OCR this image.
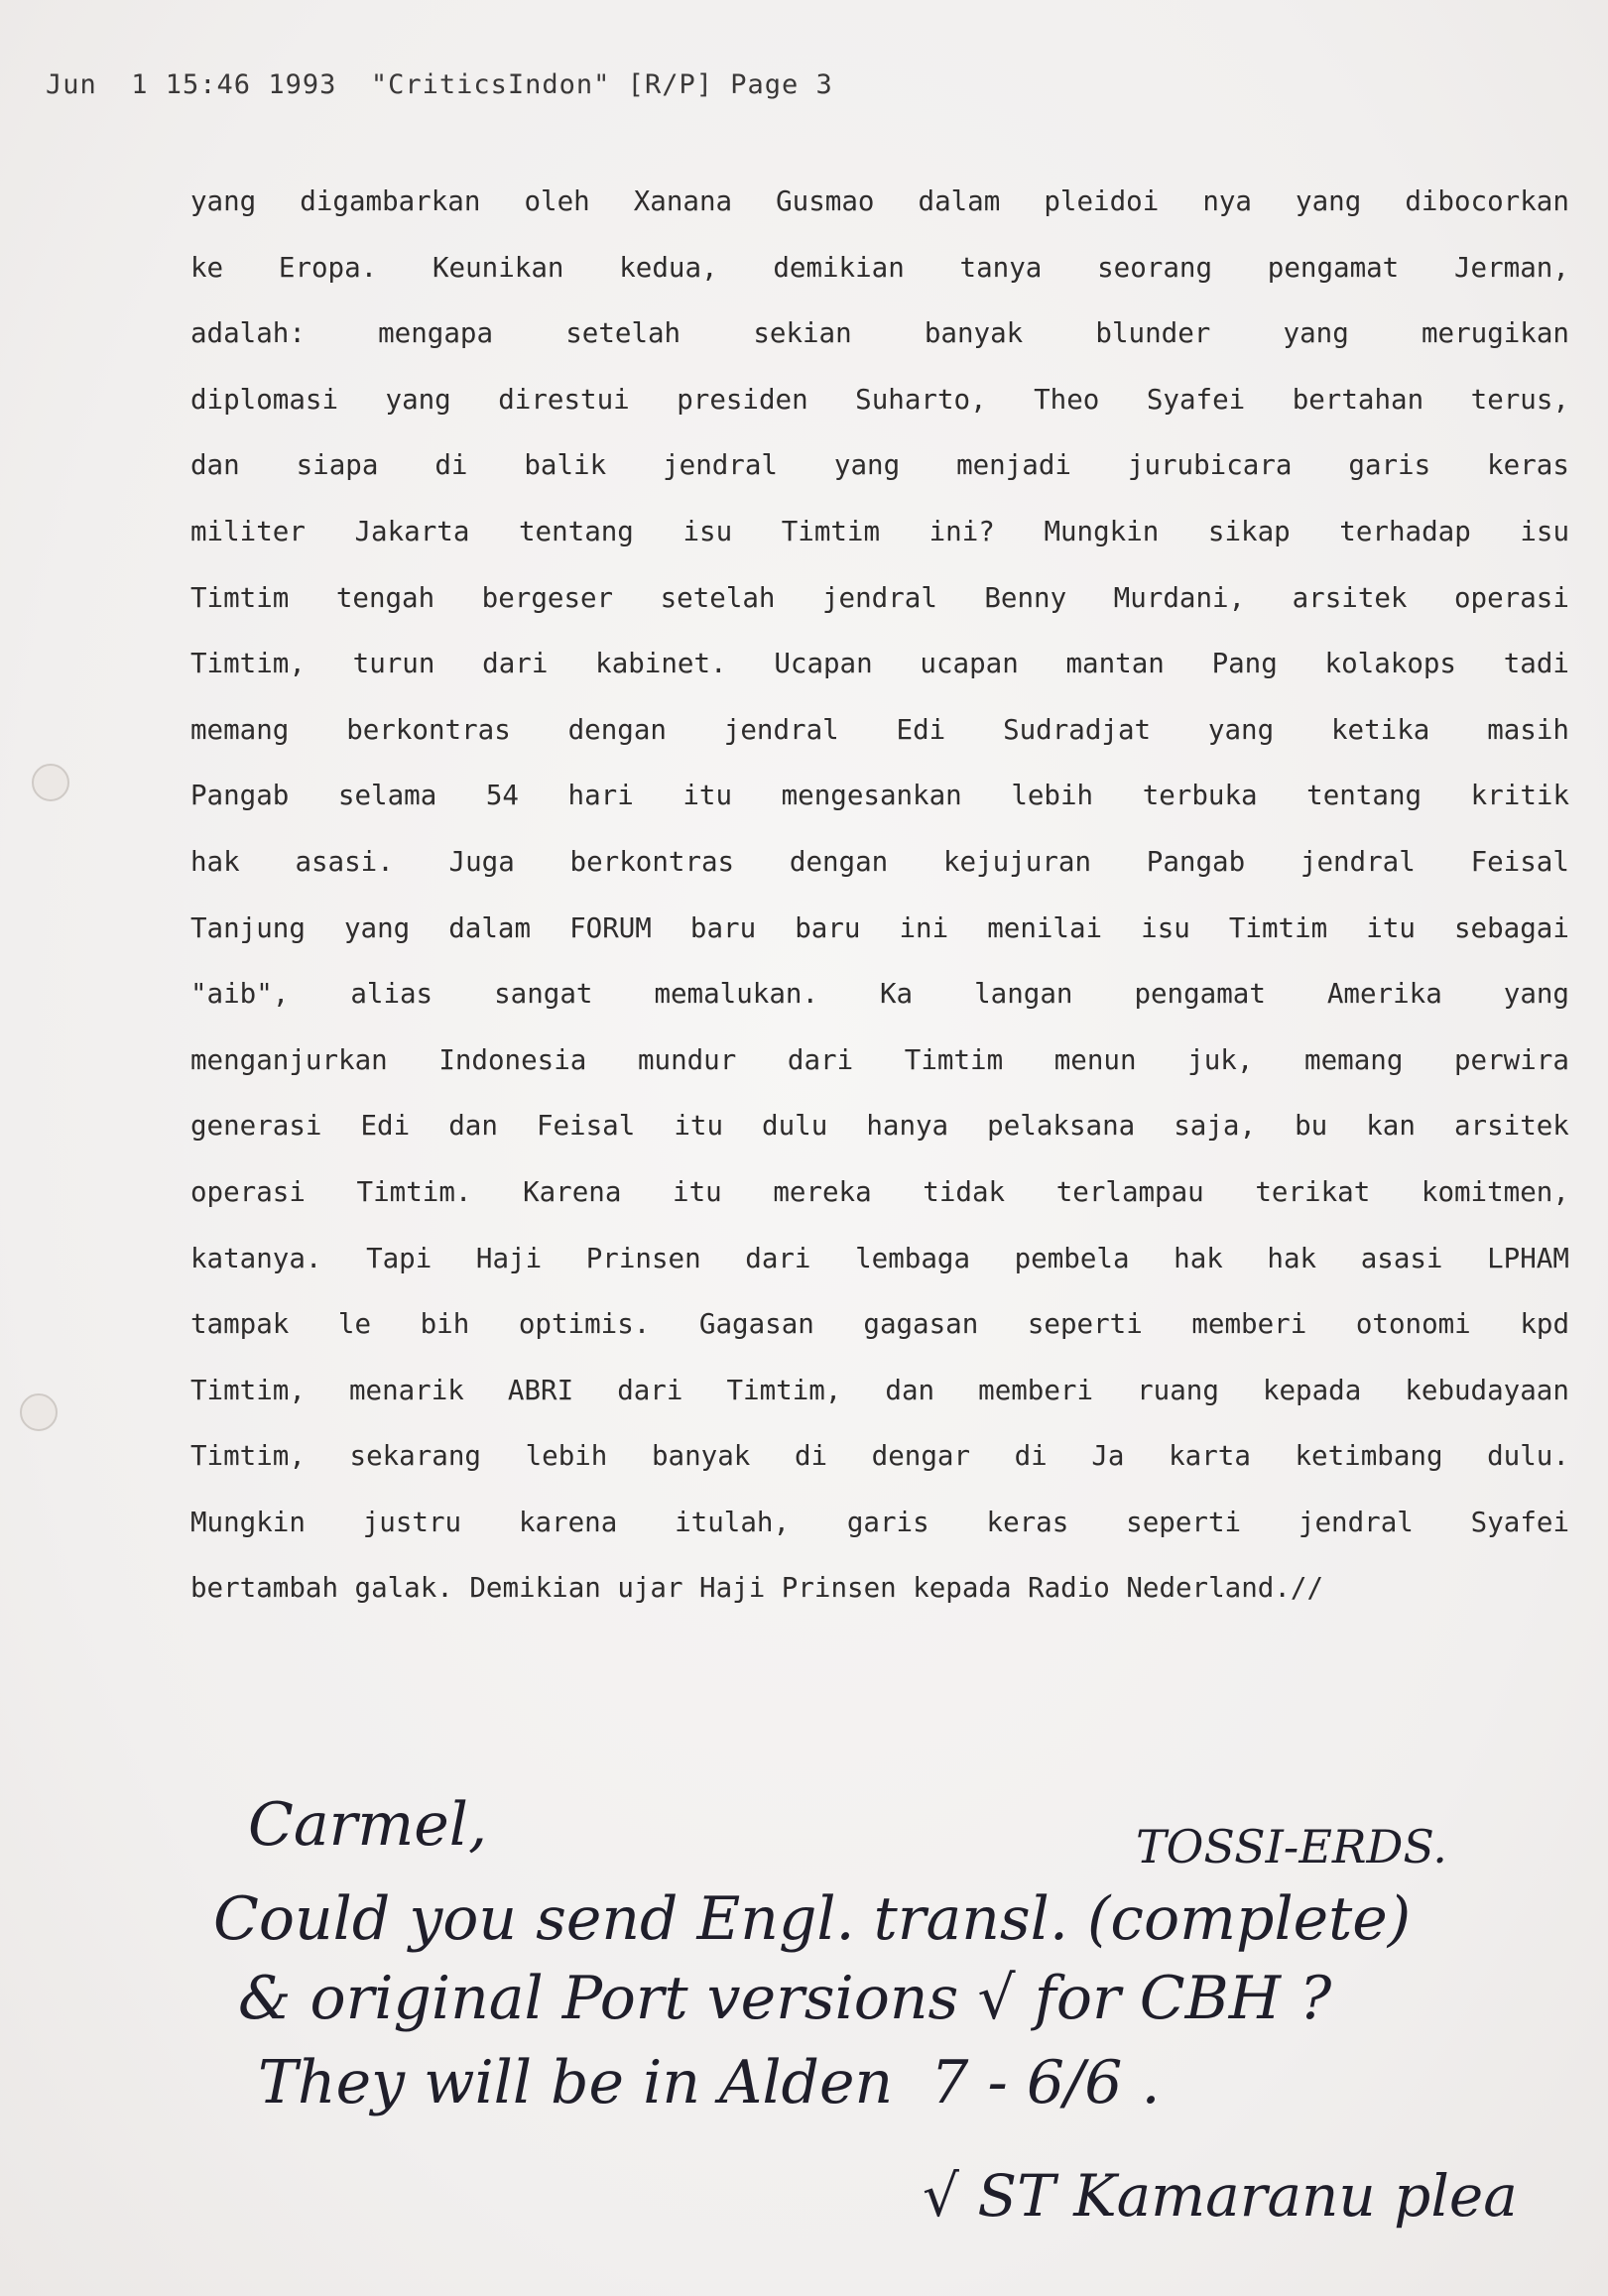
Jun  1 15:46 1993  "CriticsIndon" [R/P] Page 3
yang digambarkan oleh Xanana Gusmao dalam pleidoi nya yang dibocorkan
ke Eropa. Keunikan kedua, demikian tanya seorang pengamat Jerman,
adalah:	mengapa	setelah	sekian	banyak	blunder	yang	merugikan
diplomasi yang direstui presiden Suharto, Theo Syafei bertahan terus,
dan siapa di balik jendral yang menjadi jurubicara garis keras
militer Jakarta tentang isu Timtim ini? Mungkin sikap terhadap isu
Timtim tengah bergeser setelah jendral Benny Murdani, arsitek operasi
Timtim, turun dari kabinet. Ucapan ucapan mantan Pang kolakops tadi
memang berkontras dengan jendral Edi Sudradjat yang ketika masih
Pangab selama 54 hari itu mengesankan lebih terbuka tentang kritik
hak asasi. Juga berkontras dengan kejujuran Pangab jendral Feisal
Tanjung yang dalam FORUM baru baru ini menilai isu Timtim itu sebagai
"aib", alias sangat memalukan. Ka langan pengamat Amerika yang
menganjurkan Indonesia mundur dari Timtim menun juk, memang perwira
generasi Edi dan Feisal itu dulu hanya pelaksana saja, bu kan arsitek
operasi Timtim. Karena itu mereka tidak terlampau terikat komitmen,
katanya. Tapi Haji Prinsen dari lembaga pembela hak hak asasi LPHAM
tampak le bih optimis. Gagasan gagasan seperti memberi otonomi kpd
Timtim, menarik ABRI dari Timtim, dan memberi ruang kepada kebudayaan
Timtim, sekarang lebih banyak di dengar di Ja karta ketimbang dulu.
Mungkin justru karena itulah, garis keras seperti jendral Syafei
bertambah galak. Demikian ujar Haji Prinsen kepada Radio Nederland.//
Carmel,	TOSSI-ERDS.
Could you send Engl. transl. (complete)
& original Port versions √ for CBH ?
They will be in Alden  7 - 6/6 .
√ ST Kamaranu plea
